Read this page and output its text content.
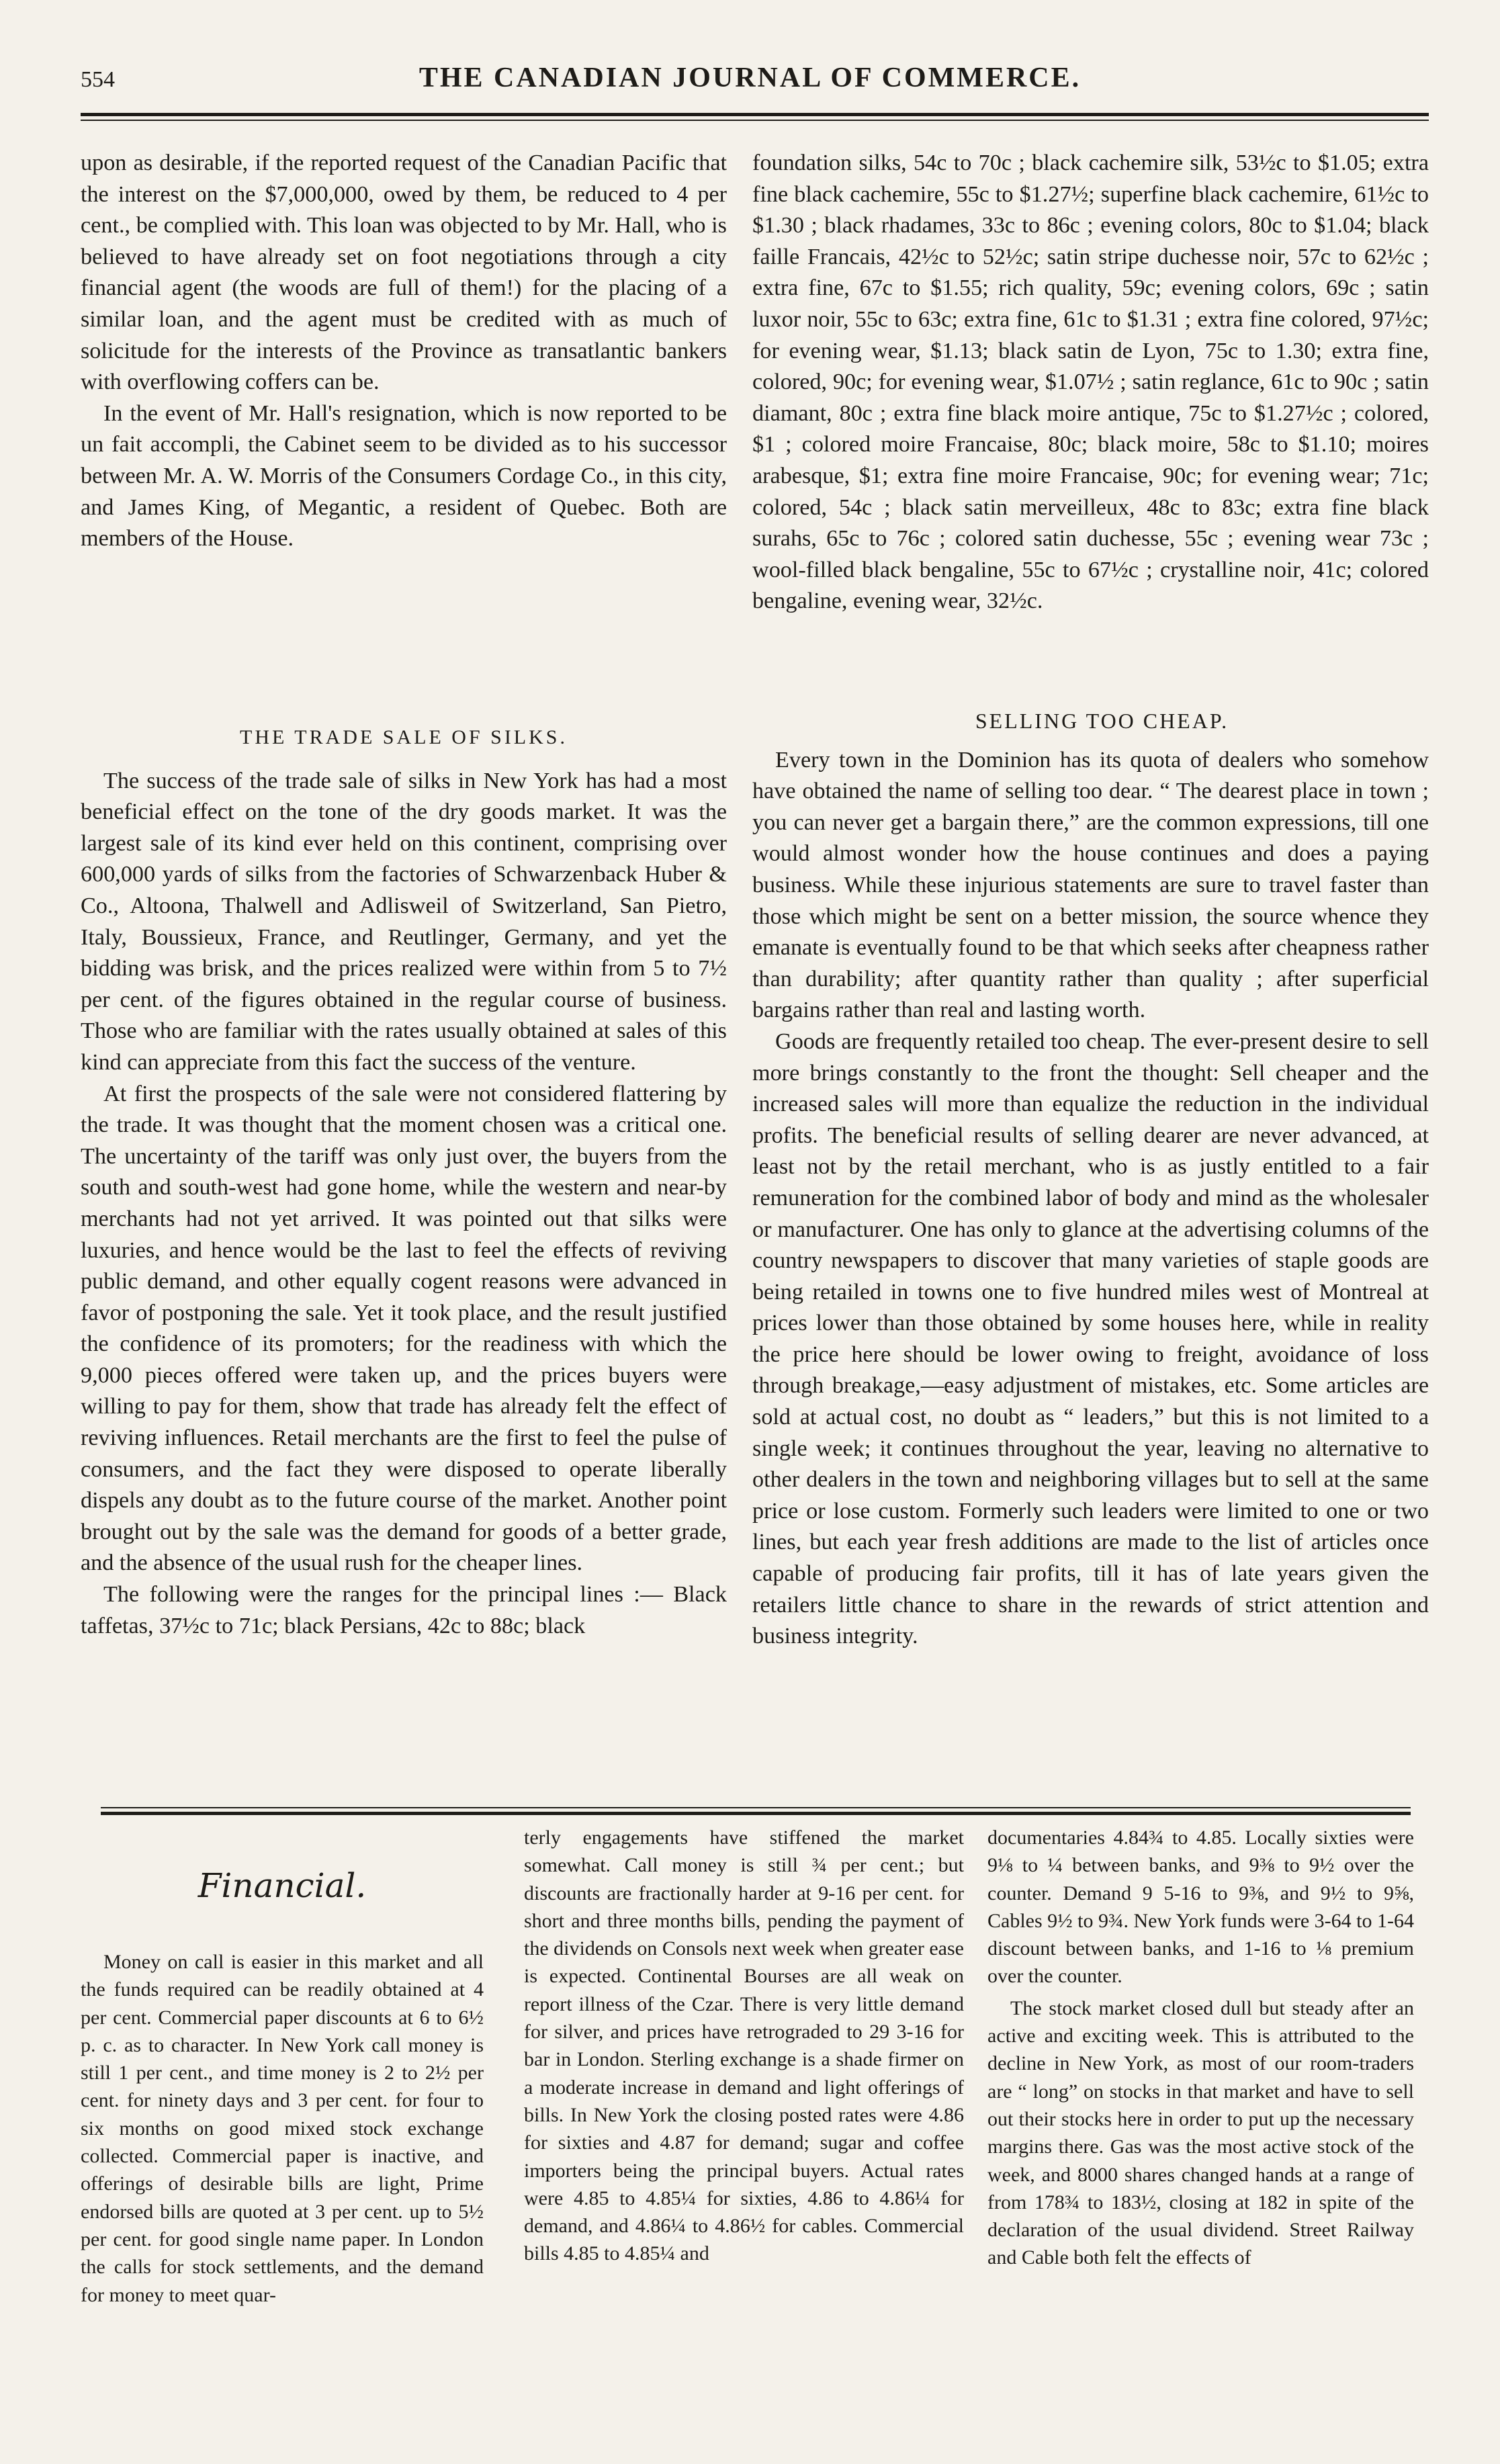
554	THE CANADIAN JOURNAL OF COMMERCE.

upon as desirable, if the reported request of the Canadian Pacific that the interest on the $7,000,000, owed by them, be reduced to 4 per cent., be complied with. This loan was objected to by Mr. Hall, who is believed to have already set on foot negotiations through a city financial agent (the woods are full of them!) for the placing of a similar loan, and the agent must be credited with as much of solicitude for the interests of the Province as transatlantic bankers with overflowing coffers can be.

In the event of Mr. Hall's resignation, which is now reported to be un fait accompli, the Cabinet seem to be divided as to his successor between Mr. A. W. Morris of the Consumers Cordage Co., in this city, and James King, of Megantic, a resident of Quebec. Both are members of the House.

THE TRADE SALE OF SILKS.

The success of the trade sale of silks in New York has had a most beneficial effect on the tone of the dry goods market. It was the largest sale of its kind ever held on this continent, comprising over 600,000 yards of silks from the factories of Schwarzenback Huber & Co., Altoona, Thalwell and Adlisweil of Switzerland, San Pietro, Italy, Boussieux, France, and Reutlinger, Germany, and yet the bidding was brisk, and the prices realized were within from 5 to 7½ per cent. of the figures obtained in the regular course of business. Those who are familiar with the rates usually obtained at sales of this kind can appreciate from this fact the success of the venture.

At first the prospects of the sale were not considered flattering by the trade. It was thought that the moment chosen was a critical one. The uncertainty of the tariff was only just over, the buyers from the south and south-west had gone home, while the western and near-by merchants had not yet arrived. It was pointed out that silks were luxuries, and hence would be the last to feel the effects of reviving public demand, and other equally cogent reasons were advanced in favor of postponing the sale. Yet it took place, and the result justified the confidence of its promoters; for the readiness with which the 9,000 pieces offered were taken up, and the prices buyers were willing to pay for them, show that trade has already felt the effect of reviving influences. Retail merchants are the first to feel the pulse of consumers, and the fact they were disposed to operate liberally dispels any doubt as to the future course of the market. Another point brought out by the sale was the demand for goods of a better grade, and the absence of the usual rush for the cheaper lines.

The following were the ranges for the principal lines :— Black taffetas, 37½c to 71c; black Persians, 42c to 88c; black

foundation silks, 54c to 70c ; black cachemire silk, 53½c to $1.05; extra fine black cachemire, 55c to $1.27½; superfine black cachemire, 61½c to $1.30 ; black rhadames, 33c to 86c ; evening colors, 80c to $1.04; black faille Francais, 42½c to 52½c; satin stripe duchesse noir, 57c to 62½c ; extra fine, 67c to $1.55; rich quality, 59c; evening colors, 69c ; satin luxor noir, 55c to 63c; extra fine, 61c to $1.31 ; extra fine colored, 97½c; for evening wear, $1.13; black satin de Lyon, 75c to 1.30; extra fine, colored, 90c; for evening wear, $1.07½ ; satin reglance, 61c to 90c ; satin diamant, 80c ; extra fine black moire antique, 75c to $1.27½c ; colored, $1 ; colored moire Francaise, 80c; black moire, 58c to $1.10; moires arabesque, $1; extra fine moire Francaise, 90c; for evening wear; 71c; colored, 54c ; black satin merveilleux, 48c to 83c; extra fine black surahs, 65c to 76c ; colored satin duchesse, 55c ; evening wear 73c ; wool-filled black bengaline, 55c to 67½c ; crystalline noir, 41c; colored bengaline, evening wear, 32½c.

SELLING TOO CHEAP.

Every town in the Dominion has its quota of dealers who somehow have obtained the name of selling too dear. “ The dearest place in town ; you can never get a bargain there,” are the common expressions, till one would almost wonder how the house continues and does a paying business. While these injurious statements are sure to travel faster than those which might be sent on a better mission, the source whence they emanate is eventually found to be that which seeks after cheapness rather than durability; after quantity rather than quality ; after superficial bargains rather than real and lasting worth.

Goods are frequently retailed too cheap. The ever-present desire to sell more brings constantly to the front the thought: Sell cheaper and the increased sales will more than equalize the reduction in the individual profits. The beneficial results of selling dearer are never advanced, at least not by the retail merchant, who is as justly entitled to a fair remuneration for the combined labor of body and mind as the wholesaler or manufacturer. One has only to glance at the advertising columns of the country newspapers to discover that many varieties of staple goods are being retailed in towns one to five hundred miles west of Montreal at prices lower than those obtained by some houses here, while in reality the price here should be lower owing to freight, avoidance of loss through breakage,—easy adjustment of mistakes, etc. Some articles are sold at actual cost, no doubt as “ leaders,” but this is not limited to a single week; it continues throughout the year, leaving no alternative to other dealers in the town and neighboring villages but to sell at the same price or lose custom. Formerly such leaders were limited to one or two lines, but each year fresh additions are made to the list of articles once capable of producing fair profits, till it has of late years given the retailers little chance to share in the rewards of strict attention and business integrity.

Financial.

Money on call is easier in this market and all the funds required can be readily obtained at 4 per cent. Commercial paper discounts at 6 to 6½ p. c. as to character. In New York call money is still 1 per cent., and time money is 2 to 2½ per cent. for ninety days and 3 per cent. for four to six months on good mixed stock exchange collected. Commercial paper is inactive, and offerings of desirable bills are light, Prime endorsed bills are quoted at 3 per cent. up to 5½ per cent. for good single name paper. In London the calls for stock settlements, and the demand for money to meet quar-

terly engagements have stiffened the market somewhat. Call money is still ¾ per cent.; but discounts are fractionally harder at 9-16 per cent. for short and three months bills, pending the payment of the dividends on Consols next week when greater ease is expected. Continental Bourses are all weak on report illness of the Czar. There is very little demand for silver, and prices have retrograded to 29 3-16 for bar in London. Sterling exchange is a shade firmer on a moderate increase in demand and light offerings of bills. In New York the closing posted rates were 4.86 for sixties and 4.87 for demand; sugar and coffee importers being the principal buyers. Actual rates were 4.85 to 4.85¼ for sixties, 4.86 to 4.86¼ for demand, and 4.86¼ to 4.86½ for cables. Commercial bills 4.85 to 4.85¼ and

documentaries 4.84¾ to 4.85. Locally sixties were 9⅛ to ¼ between banks, and 9⅜ to 9½ over the counter. Demand 9 5-16 to 9⅜, and 9½ to 9⅝, Cables 9½ to 9¾. New York funds were 3-64 to 1-64 discount between banks, and 1-16 to ⅛ premium over the counter.

The stock market closed dull but steady after an active and exciting week. This is attributed to the decline in New York, as most of our room-traders are “ long” on stocks in that market and have to sell out their stocks here in order to put up the necessary margins there. Gas was the most active stock of the week, and 8000 shares changed hands at a range of from 178¾ to 183½, closing at 182 in spite of the declaration of the usual dividend. Street Railway and Cable both felt the effects of
